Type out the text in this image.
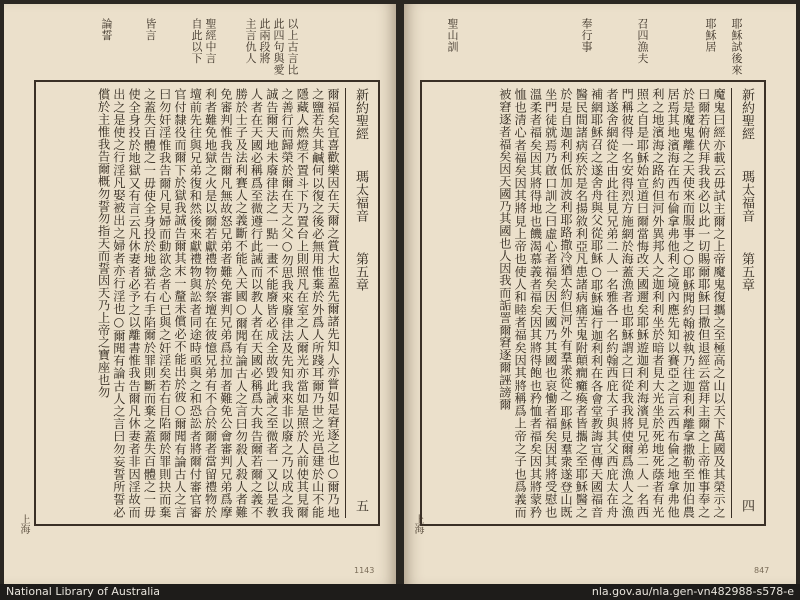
以上古言比
此四句與愛
此兩段將
主言仇人
聖經中言
自此以下
皆言
論誓
新約聖經 瑪太福音 第五章
五

爾福矣宜喜歡樂因在天爾之賞大也蓋先爾諸先知人亦嘗如是窘逐之也○爾乃地之鹽若失其鹹何以復之後必無用惟棄於外爲人所踐耳爾乃世之光邑建於山不能隱藏人燃燈不置斗下乃置台上則照凡在室之人爾光亦當如是照於人前使其見爾之善行而歸榮於爾在天之父○勿思我來廢律法及先知我來非以廢之乃以成之我誠告爾天地未廢律法之一點一畫不能廢皆必成全故毀此誡之至微者一又以是教人者在天國必稱爲至微遵行此誡而以教人者在天國必稱爲大我告爾若爾之義不勝於士子及法利賽人之義斷不能入天國○爾聞有論古人之言曰勿殺人殺人者難免審判惟我告爾凡無故怒兄弟者難免審判兄弟爲拉加者難免公會審判兄弟爲摩利者難免地獄之火是以爾若獻禮物於祭壇在彼憶兄弟有不合於爾者當留禮物於壇前先往與兄弟復和然後來獻禮物與訟者同途時亟與之和恐訟者將爾付審官審官付隸役而爾下於獄我誠告爾其末一釐未償必不能出於彼○爾聞有論古人之言曰勿奸淫惟我告爾凡見婦而動欲念者心已與之奸淫矣若右目陷爾於罪則抉而棄之蓋失百體之一毋使全身投於地獄若右手陷爾於罪則斷而棄之蓋失百體之一毋使全身投於地獄又有言云凡休妻者必予之以離書惟我告爾凡休妻者非因淫故而出之是使之行淫凡娶被出之婦者亦行淫也○爾聞有論古人之言曰勿妄誓所誓必償於主惟我告爾概勿誓勿指天而誓因天乃上帝之寶座也勿

上海
1143
耶穌試後來
耶穌居
召四漁夫
奉行事
聖山訓
新約聖經 瑪太福音 第五章
四

魔鬼曰經亦載云毋試主爾之上帝魔鬼復攜之至極高之山以天下萬國及其榮示之曰爾若俯伏拜我我必以此一切賜爾耶穌曰撒但退經云當拜主爾之上帝惟事奉之於是魔鬼離之天使來而服事之○耶穌聞約翰被執乃往迦利利離拿撒勒至加伯農居焉其地濱海在西布倫拿弗他利之境內應先知以賽亞之言云西布倫之地拿弗他利之地濱海之路約但河外異邦人之迦利利坐於暗者見大光坐於死地死蔭者有光照之自是耶穌始宣道曰爾當悔改天國邇矣耶穌遊迦利利海濱見兄弟二人一名西門稱彼得一名安得烈方施網於海蓋漁者也耶穌謂之曰從我我將使爾爲漁人之漁者遂舍網從之由此往見兄弟二人一名雅各一名約翰西庇太子與其父西庇太在舟補網耶穌召之遂舍舟與父從耶穌○耶穌遍行迦利利在各會堂教誨宣傳天國福音醫民間諸病疾於是名揚敘利亞凡患諸病痛苦鬼附顛癇癱瘓者皆攜之至耶穌醫之於是自迦利利低加波利耶路撒冷猶太約但河外有羣衆從之 耶穌見羣衆遂登山既坐門徒就焉乃啟口訓之曰虛心者福矣因天國乃其國也哀慟者福矣因其將受慰也溫柔者福矣因其將得地也饑渴慕義者福矣因其將得飽也矜恤者福矣因其將蒙矜恤也清心者福矣因其將見上帝也使人和睦者福矣因其將稱爲上帝之子也爲義而被窘逐者福矣因天國乃其國也人因我而詬詈爾窘逐爾誣謗爾

上海
847
National Library of Australia	nla.gov.au/nla.gen-vn482988-s578-e
